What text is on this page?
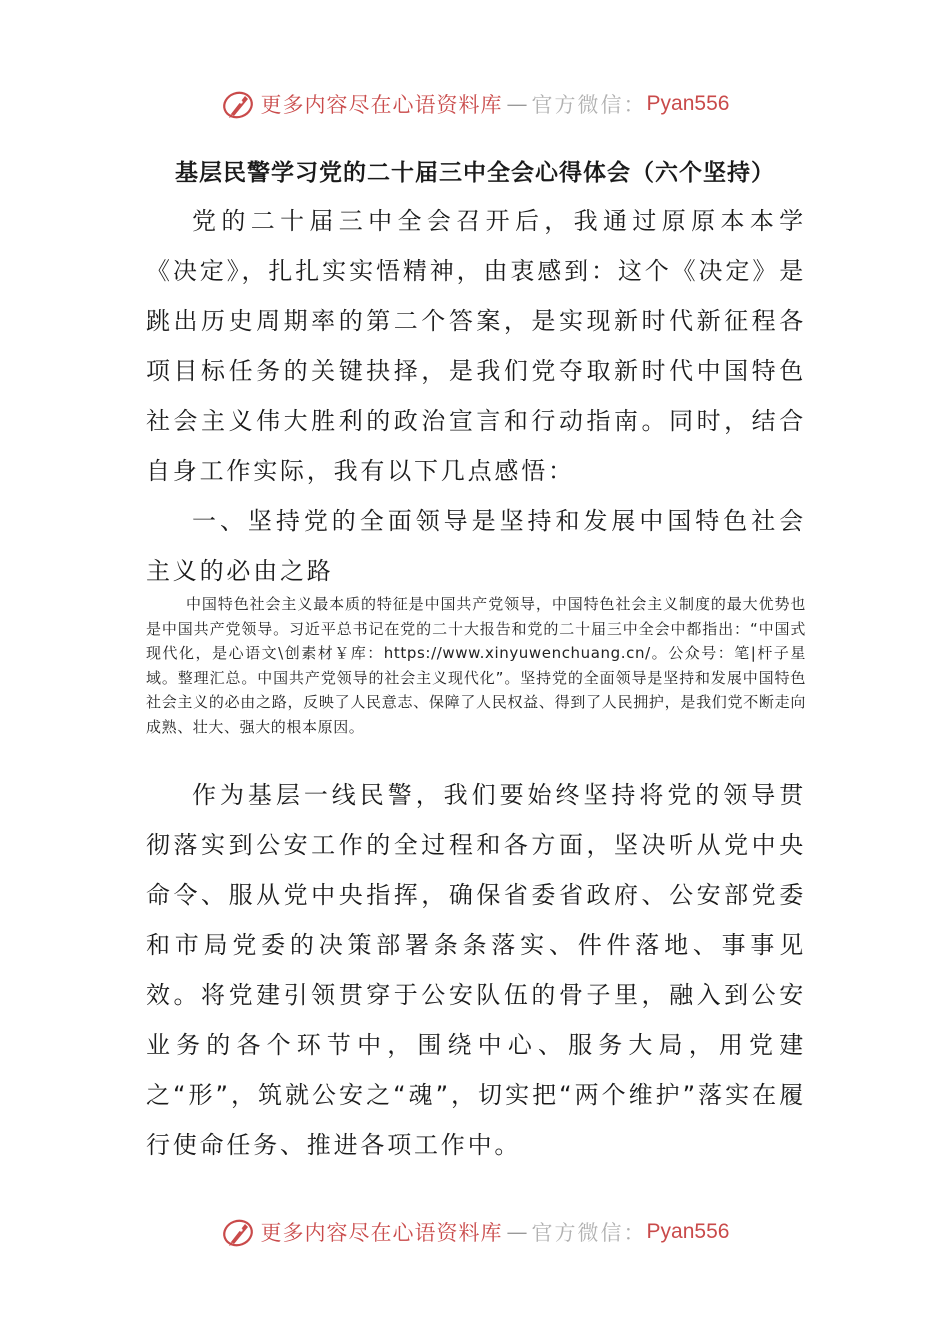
更多内容尽在心语资料库 — 官方微信： Pyan556
基层民警学习党的二十届三中全会心得体会（六个坚持）

党的二十届三中全会召开后，我通过原原本本学《决定》，扎扎实实悟精神，由衷感到：这个《决定》是跳出历史周期率的第二个答案，是实现新时代新征程各项目标任务的关键抉择，是我们党夺取新时代中国特色社会主义伟大胜利的政治宣言和行动指南。同时，结合自身工作实际，我有以下几点感悟：

一、坚持党的全面领导是坚持和发展中国特色社会主义的必由之路

中国特色社会主义最本质的特征是中国共产党领导，中国特色社会主义制度的最大优势也是中国共产党领导。习近平总书记在党的二十大报告和党的二十届三中全会中都指出：“中国式现代化，是心语文\创素材￥库：https://www.xinyuwenchuang.cn/。公众号：笔|杆子星域。整理汇总。中国共产党领导的社会主义现代化”。坚持党的全面领导是坚持和发展中国特色社会主义的必由之路，反映了人民意志、保障了人民权益、得到了人民拥护，是我们党不断走向成熟、壮大、强大的根本原因。

作为基层一线民警，我们要始终坚持将党的领导贯彻落实到公安工作的全过程和各方面，坚决听从党中央命令、服从党中央指挥，确保省委省政府、公安部党委和市局党委的决策部署条条落实、件件落地、事事见效。将党建引领贯穿于公安队伍的骨子里，融入到公安业务的各个环节中，围绕中心、服务大局，用党建之“形”，筑就公安之“魂”，切实把“两个维护”落实在履行使命任务、推进各项工作中。

更多内容尽在心语资料库 — 官方微信： Pyan556
